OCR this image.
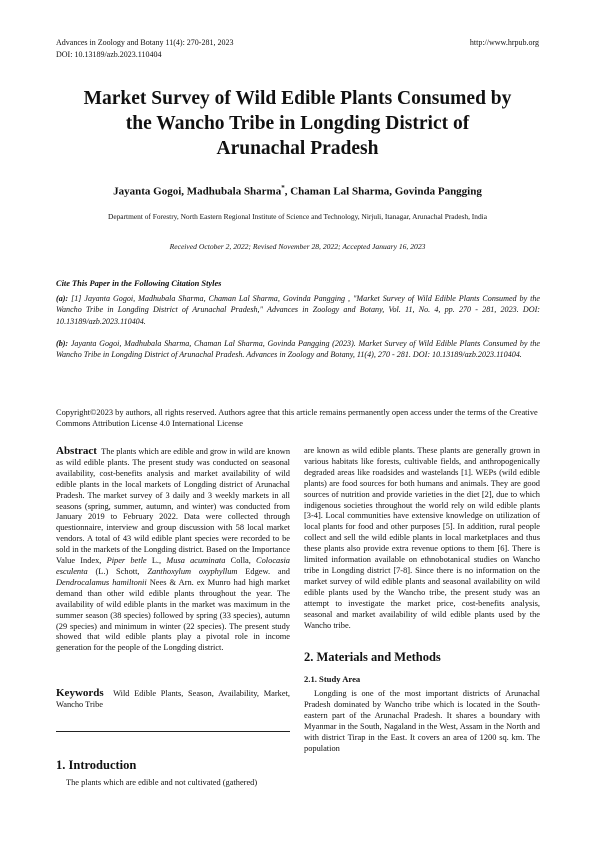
Advances in Zoology and Botany 11(4): 270-281, 2023
DOI: 10.13189/azb.2023.110404
http://www.hrpub.org
Market Survey of Wild Edible Plants Consumed by
the Wancho Tribe in Longding District of
Arunachal Pradesh
Jayanta Gogoi, Madhubala Sharma*, Chaman Lal Sharma, Govinda Pangging
Department of Forestry, North Eastern Regional Institute of Science and Technology, Nirjuli, Itanagar, Arunachal Pradesh, India
Received October 2, 2022; Revised November 28, 2022; Accepted January 16, 2023
Cite This Paper in the Following Citation Styles
(a): [1] Jayanta Gogoi, Madhubala Sharma, Chaman Lal Sharma, Govinda Pangging , "Market Survey of Wild Edible Plants Consumed by the Wancho Tribe in Longding District of Arunachal Pradesh," Advances in Zoology and Botany, Vol. 11, No. 4, pp. 270 - 281, 2023. DOI: 10.13189/azb.2023.110404.
(b): Jayanta Gogoi, Madhubala Sharma, Chaman Lal Sharma, Govinda Pangging (2023). Market Survey of Wild Edible Plants Consumed by the Wancho Tribe in Longding District of Arunachal Pradesh. Advances in Zoology and Botany, 11(4), 270 - 281. DOI: 10.13189/azb.2023.110404.
Copyright©2023 by authors, all rights reserved. Authors agree that this article remains permanently open access under the terms of the Creative Commons Attribution License 4.0 International License
Abstract The plants which are edible and grow in wild are known as wild edible plants. The present study was conducted on seasonal availability, cost-benefits analysis and market availability of wild edible plants in the local markets of Longding district of Arunachal Pradesh. The market survey of 3 daily and 3 weekly markets in all seasons (spring, summer, autumn, and winter) was conducted from January 2019 to February 2022. Data were collected through questionnaire, interview and group discussion with 58 local market vendors. A total of 43 wild edible plant species were recorded to be sold in the markets of the Longding district. Based on the Importance Value Index, Piper betle L., Musa acuminata Colla, Colocasia esculenta (L.) Schott, Zanthoxylum oxyphyllum Edgew. and Dendrocalamus hamiltonii Nees & Arn. ex Munro had high market demand than other wild edible plants throughout the year. The availability of wild edible plants in the market was maximum in the summer season (38 species) followed by spring (33 species), autumn (29 species) and minimum in winter (22 species). The present study showed that wild edible plants play a pivotal role in income generation for the people of the Longding district.
Keywords Wild Edible Plants, Season, Availability, Market, Wancho Tribe
1. Introduction
The plants which are edible and not cultivated (gathered)
are known as wild edible plants. These plants are generally grown in various habitats like forests, cultivable fields, and anthropogenically degraded areas like roadsides and wastelands [1]. WEPs (wild edible plants) are food sources for both humans and animals. They are good sources of nutrition and provide varieties in the diet [2], due to which indigenous societies throughout the world rely on wild edible plants [3-4]. Local communities have extensive knowledge on utilization of local plants for food and other purposes [5]. In addition, rural people collect and sell the wild edible plants in local marketplaces and thus these plants also provide extra revenue options to them [6]. There is limited information available on ethnobotanical studies on Wancho tribe in Longding district [7-8]. Since there is no information on the market survey of wild edible plants and seasonal availability on wild edible plants used by the Wancho tribe, the present study was an attempt to investigate the market price, cost-benefits analysis, seasonal and market availability of wild edible plants used by the Wancho tribe.
2. Materials and Methods
2.1. Study Area
Longding is one of the most important districts of Arunachal Pradesh dominated by Wancho tribe which is located in the South-eastern part of the Arunachal Pradesh. It shares a boundary with Myanmar in the South, Nagaland in the West, Assam in the North and with district Tirap in the East. It covers an area of 1200 sq. km. The population
